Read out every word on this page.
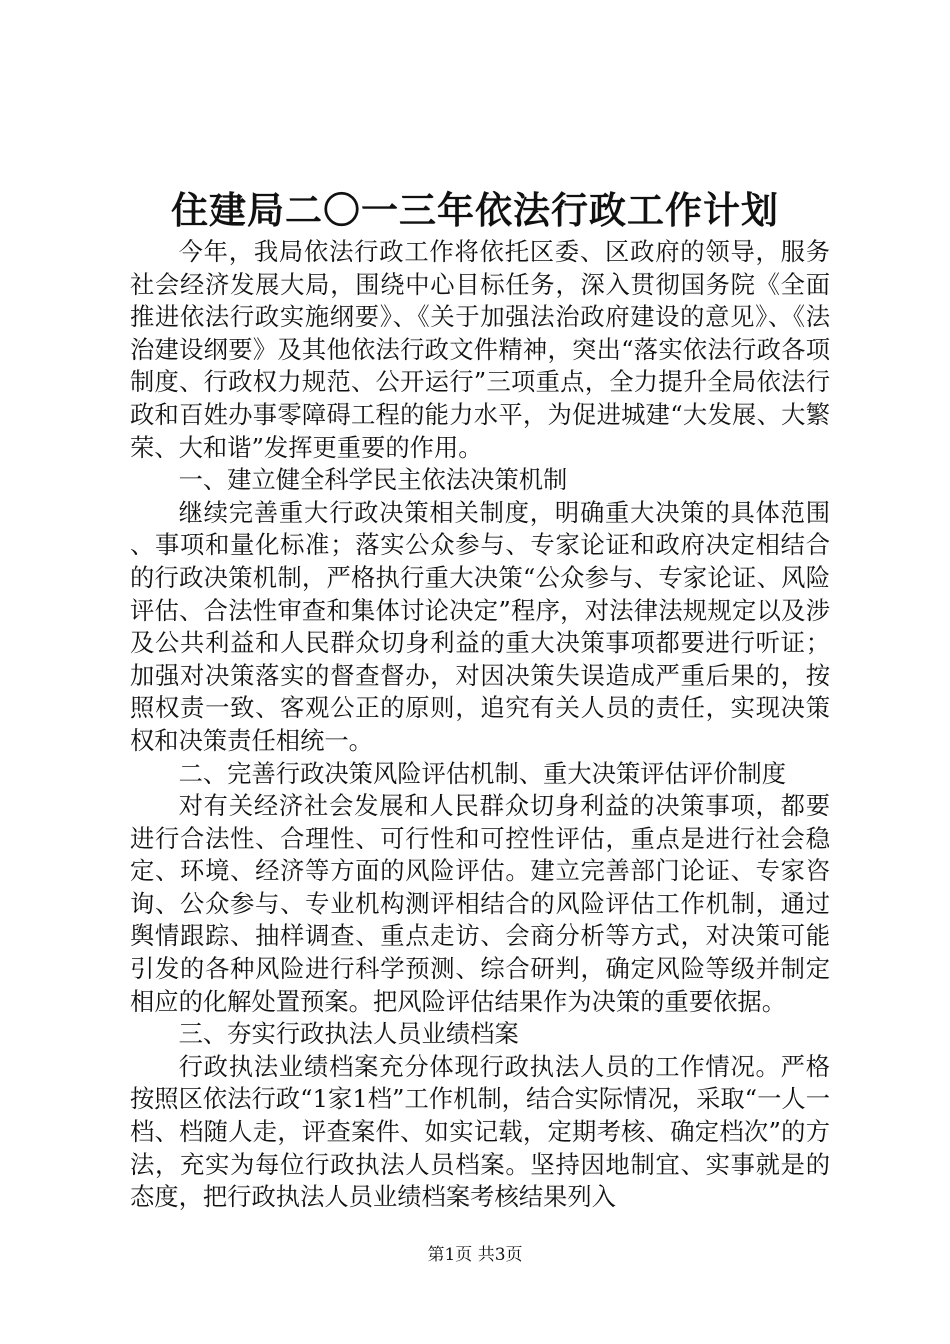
住建局二〇一三年依法行政工作计划

今年，我局依法行政工作将依托区委、区政府的领导，服务社会经济发展大局，围绕中心目标任务，深入贯彻国务院《全面推进依法行政实施纲要》、《关于加强法治政府建设的意见》、《法治建设纲要》及其他依法行政文件精神，突出“落实依法行政各项制度、行政权力规范、公开运行”三项重点，全力提升全局依法行政和百姓办事零障碍工程的能力水平，为促进城建“大发展、大繁荣、大和谐”发挥更重要的作用。

一、建立健全科学民主依法决策机制

继续完善重大行政决策相关制度，明确重大决策的具体范围、事项和量化标准；落实公众参与、专家论证和政府决定相结合的行政决策机制，严格执行重大决策“公众参与、专家论证、风险评估、合法性审查和集体讨论决定”程序，对法律法规规定以及涉及公共利益和人民群众切身利益的重大决策事项都要进行听证；加强对决策落实的督查督办，对因决策失误造成严重后果的，按照权责一致、客观公正的原则，追究有关人员的责任，实现决策权和决策责任相统一。

二、完善行政决策风险评估机制、重大决策评估评价制度

对有关经济社会发展和人民群众切身利益的决策事项，都要进行合法性、合理性、可行性和可控性评估，重点是进行社会稳定、环境、经济等方面的风险评估。建立完善部门论证、专家咨询、公众参与、专业机构测评相结合的风险评估工作机制，通过舆情跟踪、抽样调查、重点走访、会商分析等方式，对决策可能引发的各种风险进行科学预测、综合研判，确定风险等级并制定相应的化解处置预案。把风险评估结果作为决策的重要依据。

三、夯实行政执法人员业绩档案

行政执法业绩档案充分体现行政执法人员的工作情况。严格按照区依法行政“1家1档”工作机制，结合实际情况，采取“一人一档、档随人走，评查案件、如实记载，定期考核、确定档次”的方法，充实为每位行政执法人员档案。坚持因地制宜、实事就是的态度，把行政执法人员业绩档案考核结果列入

第1页 共3页
